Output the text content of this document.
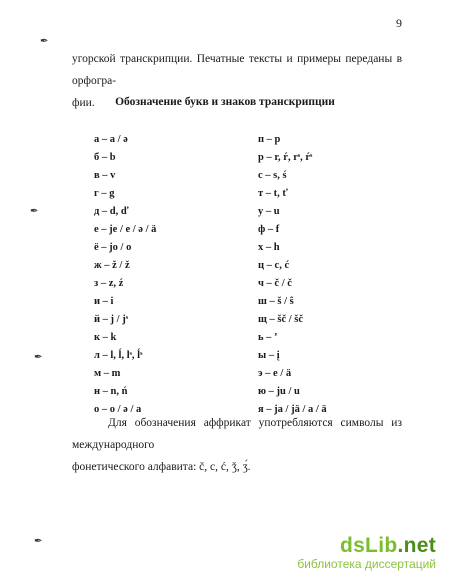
9
угорской транскрипции. Печатные тексты и примеры переданы в орфогра-
фии.	Обозначение букв и знаков транскрипции
а – a / ə	п – p
б – b	р – r, ŕ, rˢ, ŕˢ
в – v	с – s, ś
г – g	т – t, ť
д – d, ď	у – u
е – je / e / ə / ä	ф – f
ё – jo / o	х – h
ж – ž / ž	ц – c, ć
з – z, ź	ч – č / č
и – i	ш – š / ŝ
й – j / jˢ	щ – šč / šč
к – k	ь – ʼ
л – l, ĺ, lˢ, ĺˢ	ы – į
м – m	э – e / ä
н – n, ń	ю – ju / u
о – o / ə / a	я – ja / jä / a / ä
Для обозначения аффрикат употребляются символы из международного
фонетического алфавита: č, c, ć, ǯ, ʒ́.
✒
✒
✒
✒	dsLib.net
библиотека диссертаций
